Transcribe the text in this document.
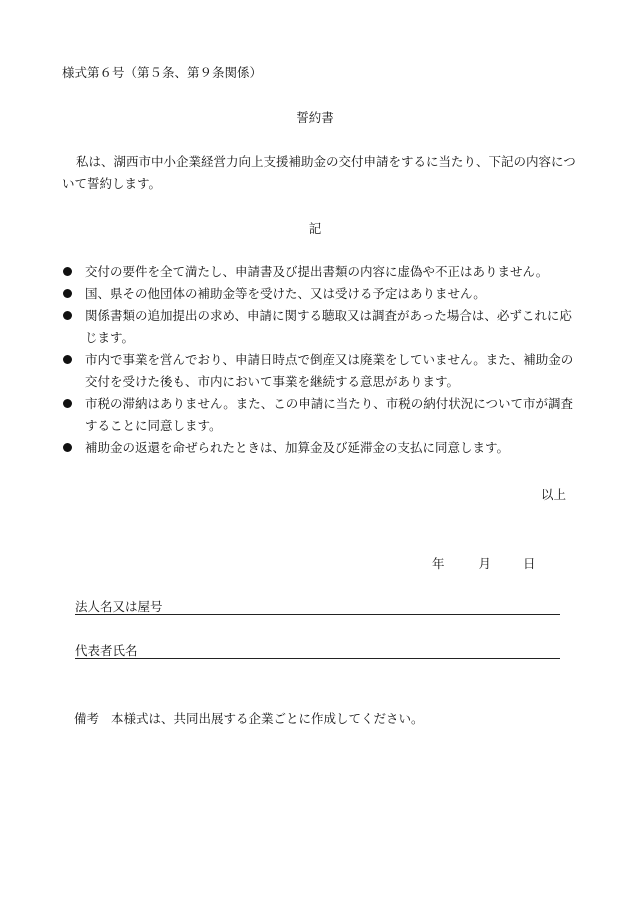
様式第６号（第５条、第９条関係）
誓約書
私は、湖西市中小企業経営力向上支援補助金の交付申請をするに当たり、下記の内容について誓約します。
記
交付の要件を全て満たし、申請書及び提出書類の内容に虚偽や不正はありません。
国、県その他団体の補助金等を受けた、又は受ける予定はありません。
関係書類の追加提出の求め、申請に関する聴取又は調査があった場合は、必ずこれに応じます。
市内で事業を営んでおり、申請日時点で倒産又は廃業をしていません。また、補助金の交付を受けた後も、市内において事業を継続する意思があります。
市税の滞納はありません。また、この申請に当たり、市税の納付状況について市が調査することに同意します。
補助金の返還を命ぜられたときは、加算金及び延滞金の支払に同意します。
以上
年	月	日
法人名又は屋号
代表者氏名
備考 本様式は、共同出展する企業ごとに作成してください。
